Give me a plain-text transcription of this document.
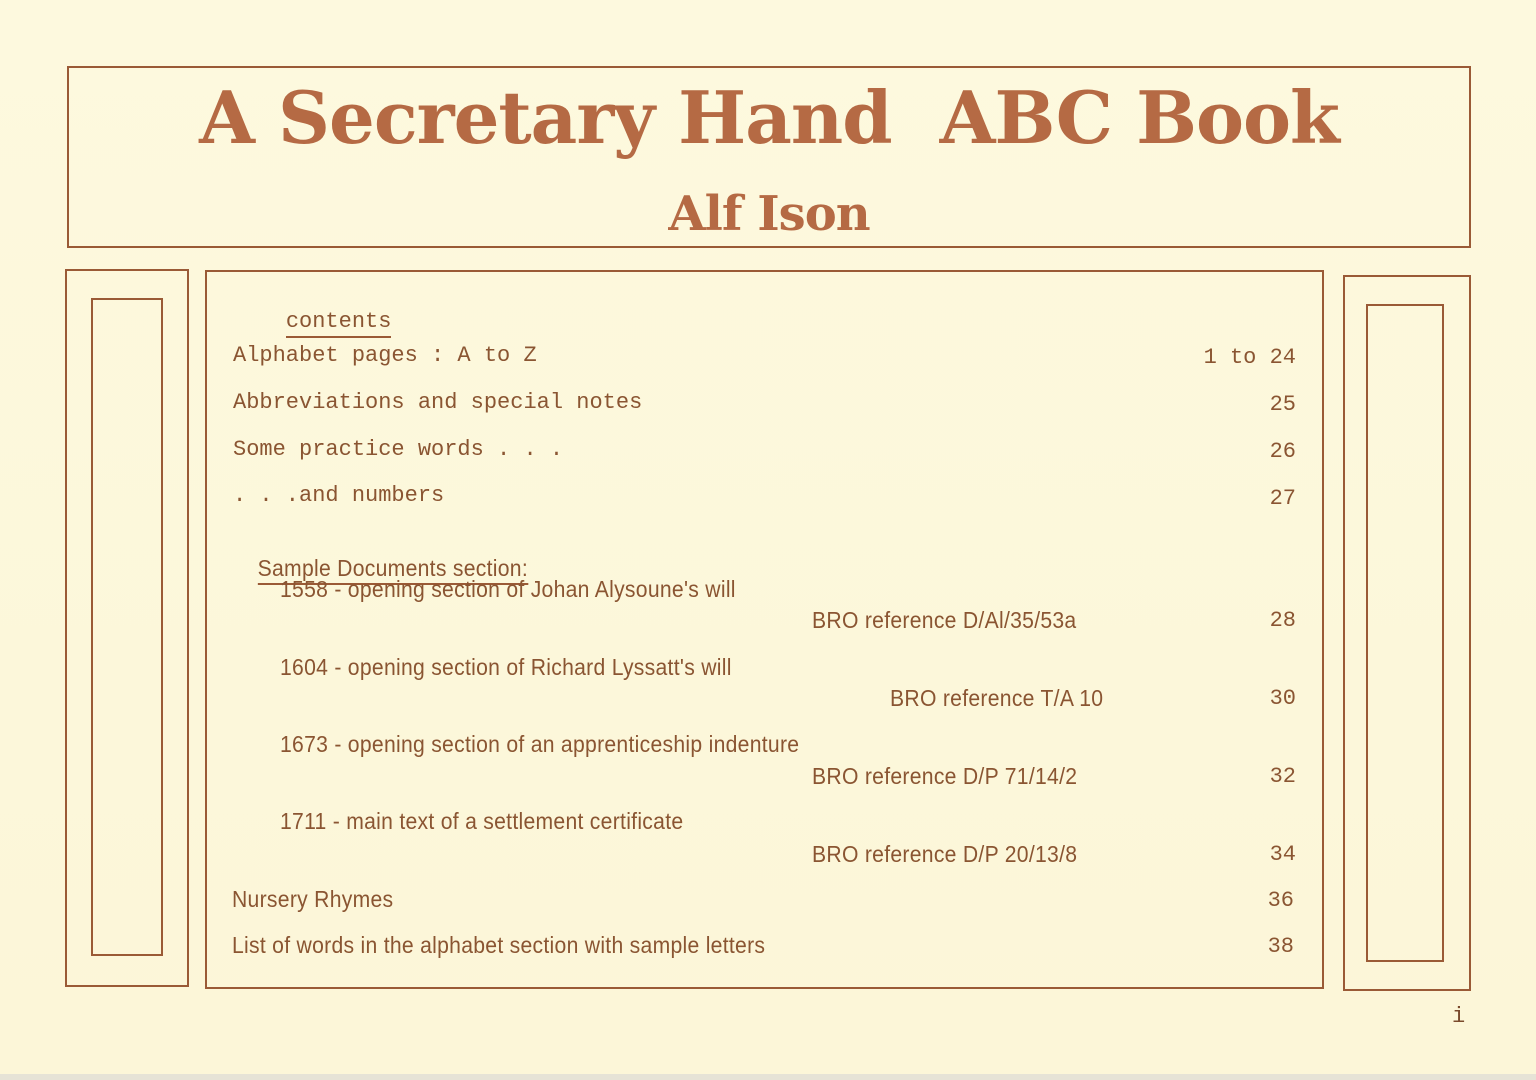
A Secretary Hand  ABC Book
Alf Ison

contents

Alphabet pages : A to Z	1 to 24
Abbreviations and special notes	25
Some practice words . . .	26
. . .and numbers	27

Sample Documents section:

1558 - opening section of Johan Alysoune's will
BRO reference D/Al/35/53a	28
1604 - opening section of Richard Lyssatt's will
BRO reference T/A 10	30
1673 - opening section of an apprenticeship indenture
BRO reference D/P 71/14/2	32
1711 - main text of a settlement certificate
BRO reference D/P 20/13/8	34
Nursery Rhymes	36
List of words in the alphabet section with sample letters	38
i
